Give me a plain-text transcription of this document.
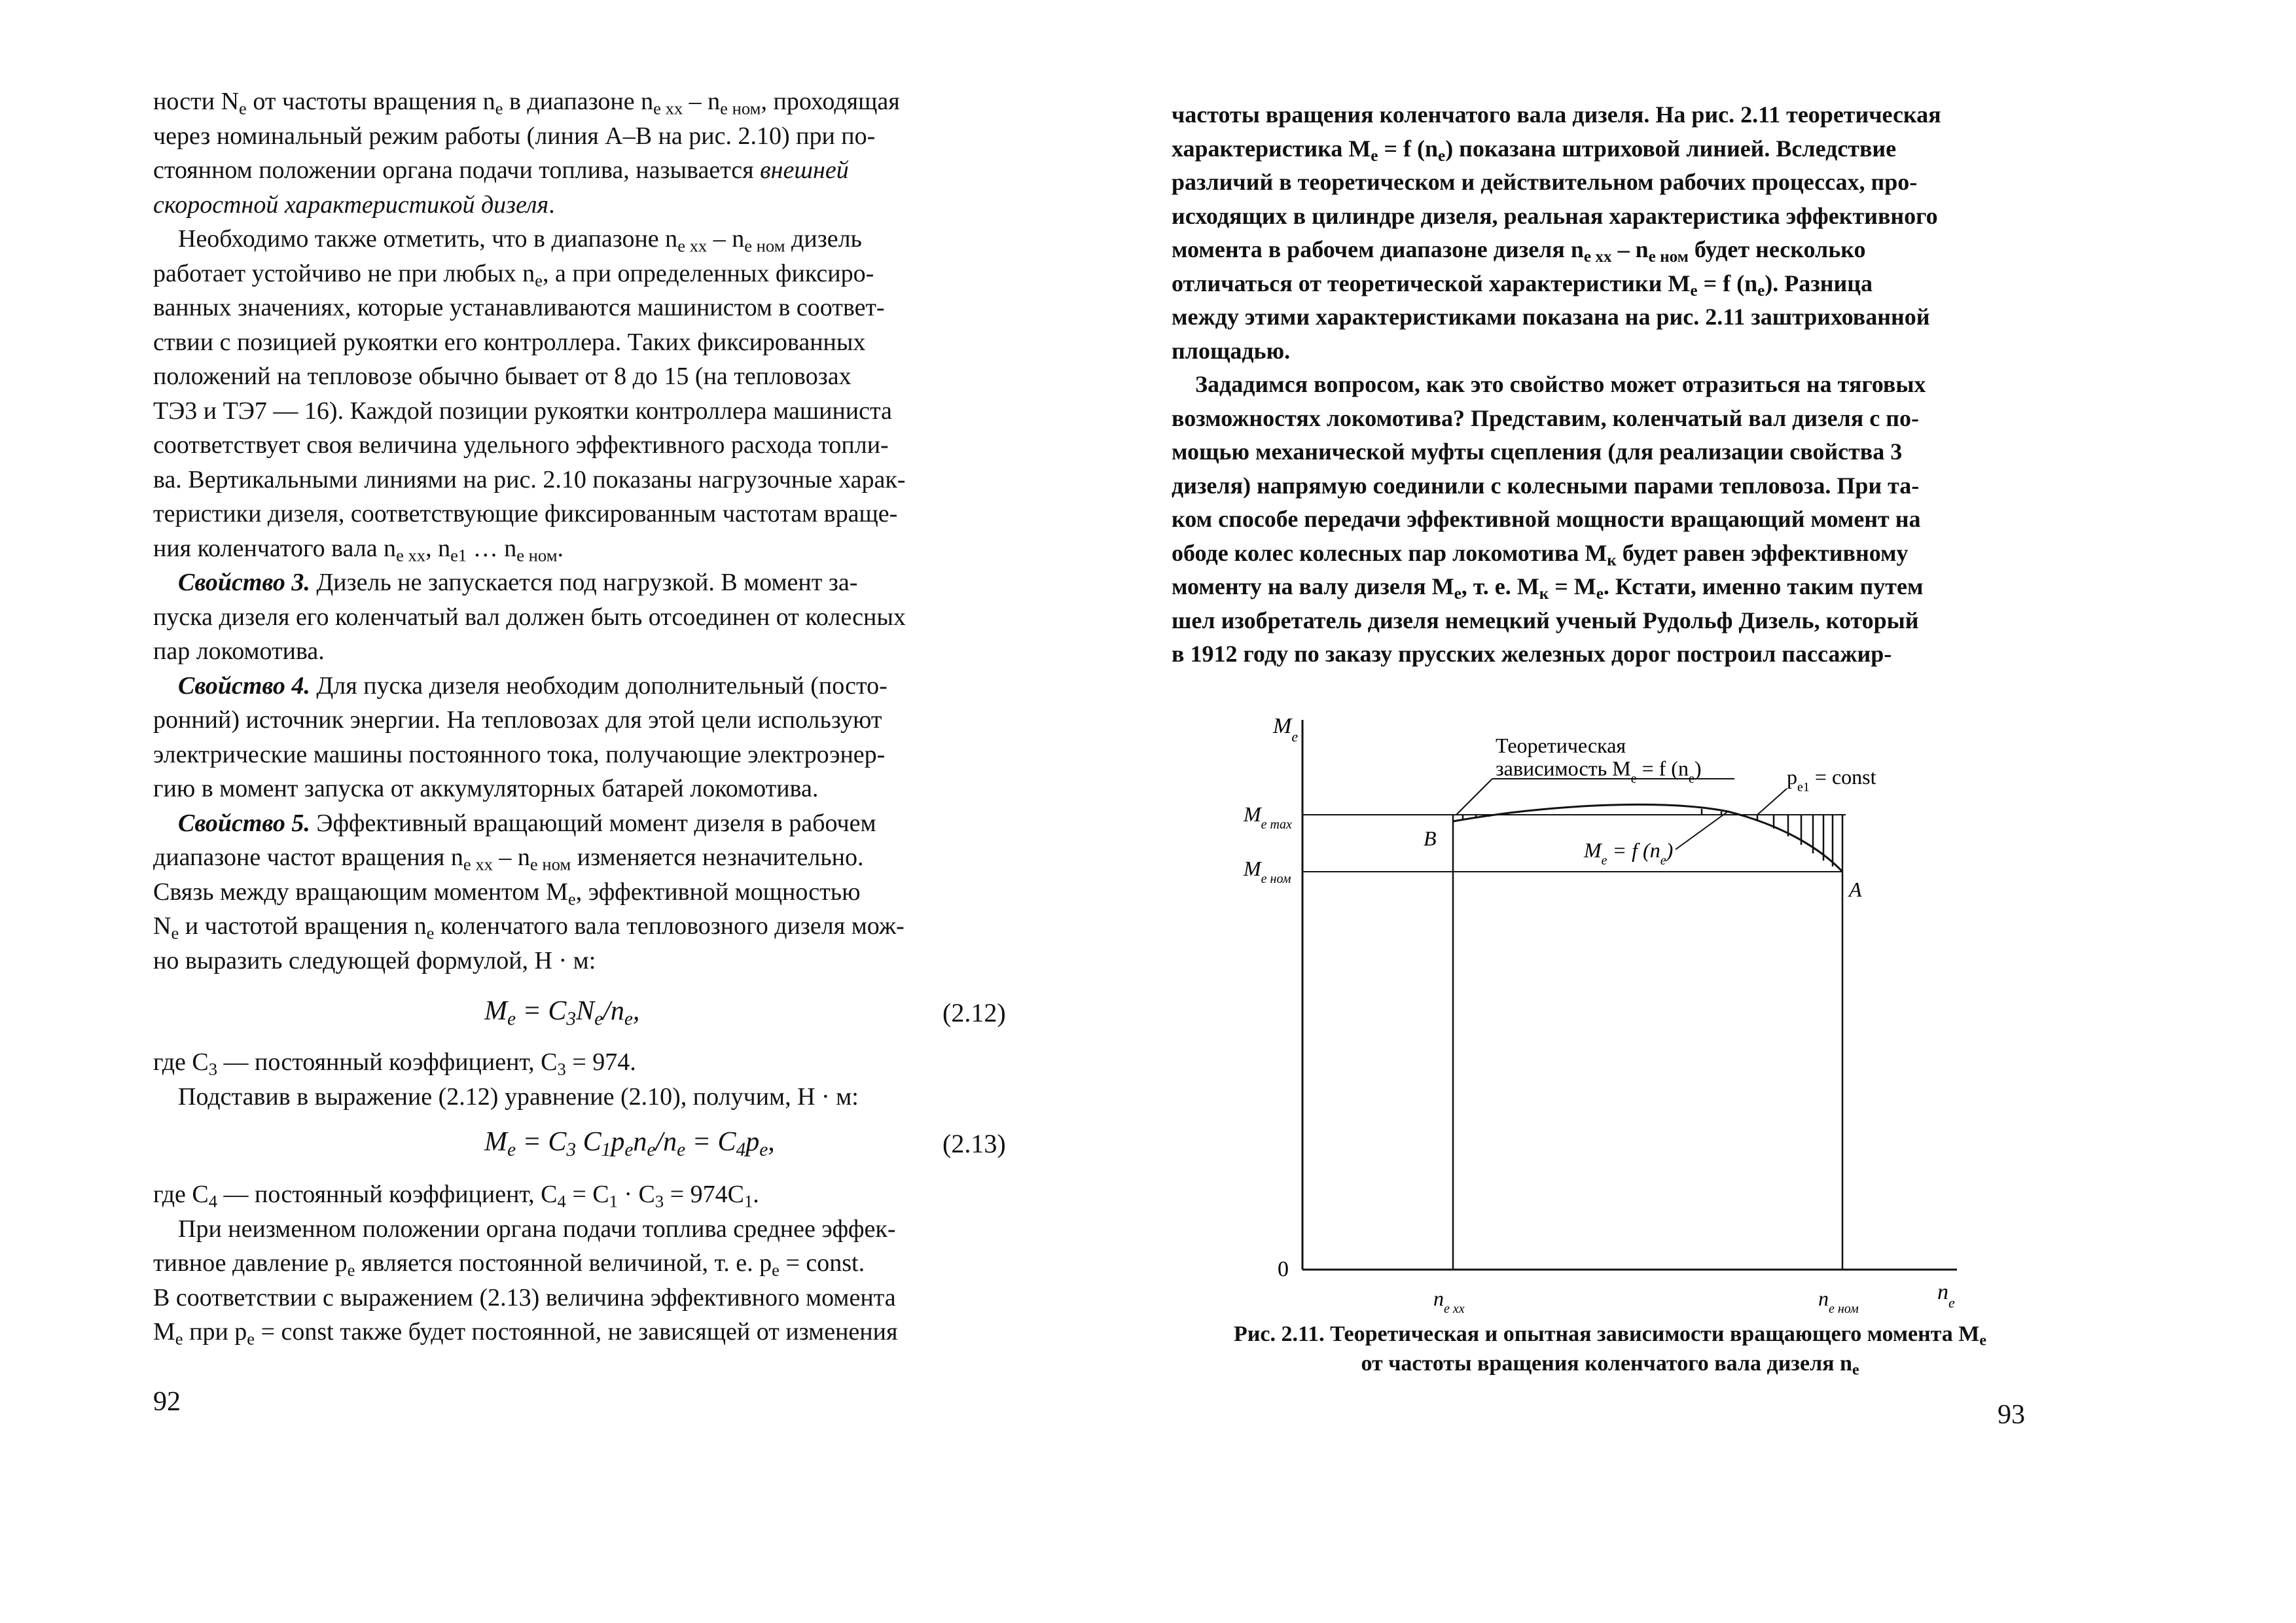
ности $N_e$ от частоты вращения $n_e$ в диапазоне $n_{e xx} - n_{e ном}$, проходящая
через номинальный режим работы (линия A–B на рис. 2.10) при по-
стоянном положении органа подачи топлива, называется внешней
скоростной характеристикой дизеля.
Необходимо также отметить, что в диапазоне $n_{e xx} - n_{e ном}$ дизель
работает устойчиво не при любых $n_e$, а при определенных фиксиро-
ванных значениях, которые устанавливаются машинистом в соответ-
ствии с позицией рукоятки его контроллера. Таких фиксированных
положений на тепловозе обычно бывает от 8 до 15 (на тепловозах
ТЭ3 и ТЭ7 — 16). Каждой позиции рукоятки контроллера машиниста
соответствует своя величина удельного эффективного расхода топли-
ва. Вертикальными линиями на рис. 2.10 показаны нагрузочные харак-
теристики дизеля, соответствующие фиксированным частотам враще-
ния коленчатого вала $n_{e xx}$, $n_{e1}$ … $n_{e ном}$.
Свойство 3. Дизель не запускается под нагрузкой. В момент за-
пуска дизеля его коленчатый вал должен быть отсоединен от колесных
пар локомотива.
Свойство 4. Для пуска дизеля необходим дополнительный (посто-
ронний) источник энергии. На тепловозах для этой цели используют
электрические машины постоянного тока, получающие электроэнер-
гию в момент запуска от аккумуляторных батарей локомотива.
Свойство 5. Эффективный вращающий момент дизеля в рабочем
диапазоне частот вращения $n_{e xx} - n_{e ном}$ изменяется незначительно.
Связь между вращающим моментом $M_e$, эффективной мощностью
$N_e$ и частотой вращения $n_e$ коленчатого вала тепловозного дизеля мож-
но выразить следующей формулой, Н · м:
$M_e = C_3N_e/n_e$,	(2.12)
где $C_3$ — постоянный коэффициент, $C_3 = 974$.
Подставив в выражение (2.12) уравнение (2.10), получим, Н · м:
$M_e = C_3$ $C_1p_en_e/n_e = C_4p_e$,	(2.13)
где $C_4$ — постоянный коэффициент, $C_4 = C_1 \cdot C_3 = 974C_1$.
При неизменном положении органа подачи топлива среднее эффек-
тивное давление $p_e$ является постоянной величиной, т. е. $p_e$ = const.
В соответствии с выражением (2.13) величина эффективного момента
$M_e$ при $p_e$ = const также будет постоянной, не зависящей от изменения
92
частоты вращения коленчатого вала дизеля. На рис. 2.11 теоретическая
характеристика $M_e = f$ $(n_e)$ показана штриховой линией. Вследствие
различий в теоретическом и действительном рабочих процессах, про-
исходящих в цилиндре дизеля, реальная характеристика эффективного
момента в рабочем диапазоне дизеля $n_{e xx} - n_{e ном}$ будет несколько
отличаться от теоретической характеристики $M_e = f$ $(n_e)$. Разница
между этими характеристиками показана на рис. 2.11 заштрихованной
площадью.
Зададимся вопросом, как это свойство может отразиться на тяговых
возможностях локомотива? Представим, коленчатый вал дизеля с по-
мощью механической муфты сцепления (для реализации свойства 3
дизеля) напрямую соединили с колесными парами тепловоза. При та-
ком способе передачи эффективной мощности вращающий момент на
ободе колес колесных пар локомотива $M_к$ будет равен эффективному
моменту на валу дизеля $M_e$, т. е. $M_к = M_e$. Кстати, именно таким путем
шел изобретатель дизеля немецкий ученый Рудольф Дизель, который
в 1912 году по заказу прусских железных дорог построил пассажир-
$M_e$
$M_{e max}$
$M_{e ном}$
0
B
A
Теоретическая
зависимость $M_e = f$ $(n_e)$
$M_e = f$ $(n_e)$
$p_{e1}$ = const
$n_{e xx}$	$n_{e ном}$
$n_e$
Рис. 2.11. Теоретическая и опытная зависимости вращающего момента $M_e$
от частоты вращения коленчатого вала дизеля $n_e$
93
